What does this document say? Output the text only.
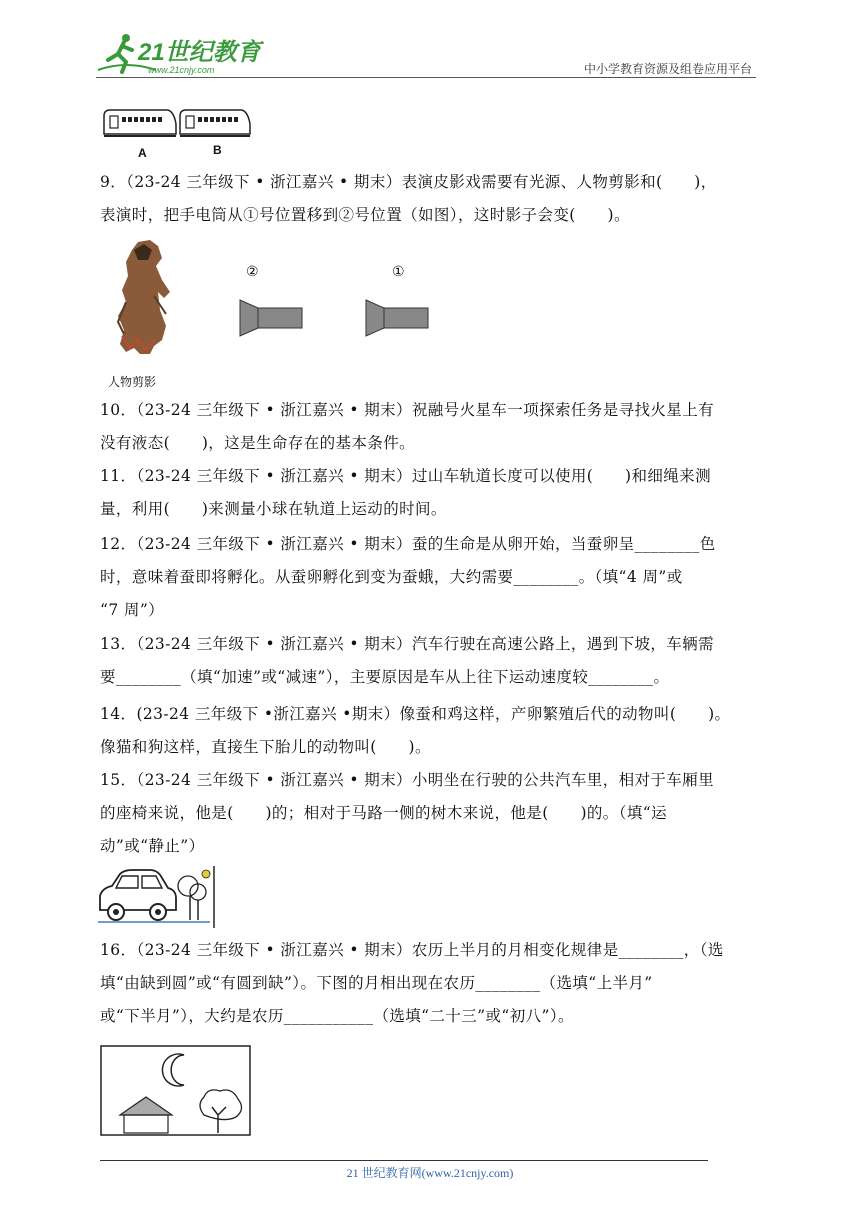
21世纪教育
www.21cnjy.com	中小学教育资源及组卷应用平台
A	B

9．（23-24 三年级下 • 浙江嘉兴 • 期末）表演皮影戏需要有光源、人物剪影和(　　)，

表演时，把手电筒从①号位置移到②号位置（如图），这时影子会变(　　)。

人物剪影
②	①

10．（23-24 三年级下 • 浙江嘉兴 • 期末）祝融号火星车一项探索任务是寻找火星上有

没有液态(　　)，这是生命存在的基本条件。

11．（23-24 三年级下 • 浙江嘉兴 • 期末）过山车轨道长度可以使用(　　)和细绳来测

量，利用(　　)来测量小球在轨道上运动的时间。

12．（23-24 三年级下 • 浙江嘉兴 • 期末）蚕的生命是从卵开始，当蚕卵呈________色

时，意味着蚕即将孵化。从蚕卵孵化到变为蚕蛾，大约需要________。（填“4 周”或

“7 周”）

13．（23-24 三年级下 • 浙江嘉兴 • 期末）汽车行驶在高速公路上，遇到下坡，车辆需

要________（填“加速”或“减速”），主要原因是车从上往下运动速度较________。

14．(23-24 三年级下 •浙江嘉兴 •期末）像蚕和鸡这样，产卵繁殖后代的动物叫(　　)。

像猫和狗这样，直接生下胎儿的动物叫(　　)。

15．（23-24 三年级下 • 浙江嘉兴 • 期末）小明坐在行驶的公共汽车里，相对于车厢里

的座椅来说，他是(　　)的；相对于马路一侧的树木来说，他是(　　)的。（填“运

动”或“静止”）

16．（23-24 三年级下 • 浙江嘉兴 • 期末）农历上半月的月相变化规律是________，（选

填“由缺到圆”或“有圆到缺”）。下图的月相出现在农历________（选填“上半月”

或“下半月”），大约是农历___________（选填“二十三”或“初八”）。

21 世纪教育网(www.21cnjy.com)
